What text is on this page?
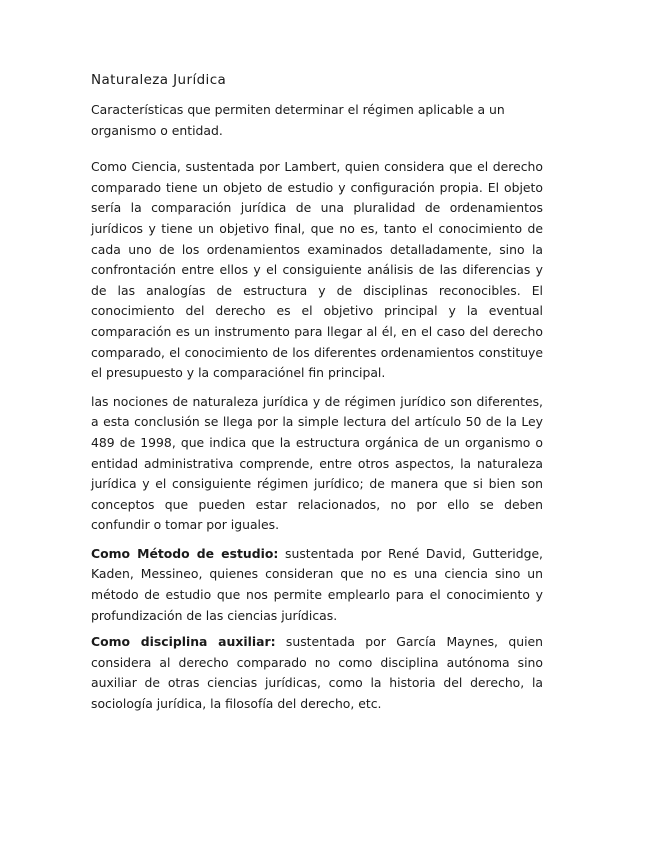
Naturaleza Jurídica

Características que permiten determinar el régimen aplicable a un organismo o entidad.

Como Ciencia, sustentada por Lambert, quien considera que el derecho comparado tiene un objeto de estudio y configuración propia. El objeto sería la comparación jurídica de una pluralidad de ordenamientos jurídicos y tiene un objetivo final, que no es, tanto el conocimiento de cada uno de los ordenamientos examinados detalladamente, sino la confrontación entre ellos y el consiguiente análisis de las diferencias y de las analogías de estructura y de disciplinas reconocibles. El conocimiento del derecho es el objetivo principal y la eventual comparación es un instrumento para llegar al él, en el caso del derecho comparado, el conocimiento de los diferentes ordenamientos constituye el presupuesto y la comparaciónel fin principal.

las nociones de naturaleza jurídica y de régimen jurídico son diferentes, a esta conclusión se llega por la simple lectura del artículo 50 de la Ley 489 de 1998, que indica que la estructura orgánica de un organismo o entidad administrativa comprende, entre otros aspectos, la naturaleza jurídica y el consiguiente régimen jurídico; de manera que si bien son conceptos que pueden estar relacionados, no por ello se deben confundir o tomar por iguales.

Como Método de estudio: sustentada por René David, Gutteridge, Kaden, Messineo, quienes consideran que no es una ciencia sino un método de estudio que nos permite emplearlo para el conocimiento y profundización de las ciencias jurídicas.

Como disciplina auxiliar: sustentada por García Maynes, quien considera al derecho comparado no como disciplina autónoma sino auxiliar de otras ciencias jurídicas, como la historia del derecho, la sociología jurídica, la filosofía del derecho, etc.
